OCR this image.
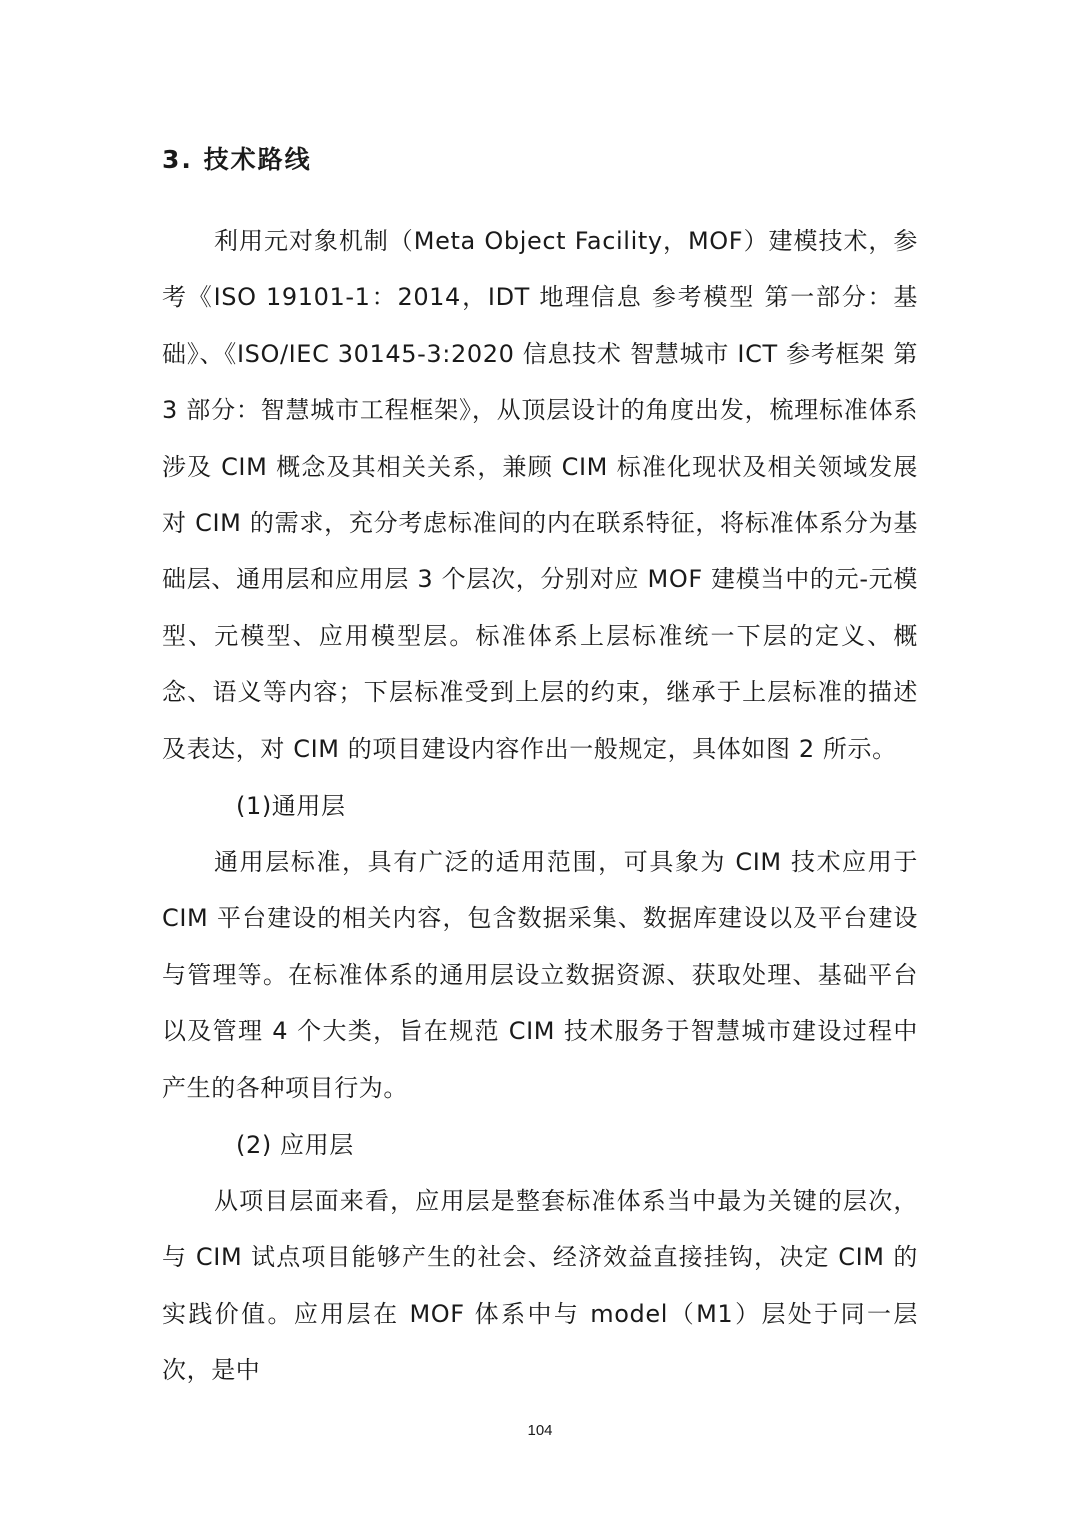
3. 技术路线

利用元对象机制（Meta Object Facility，MOF）建模技术，参考《ISO 19101-1：2014，IDT 地理信息 参考模型 第一部分：基础》、《ISO/IEC 30145-3:2020 信息技术 智慧城市 ICT 参考框架 第 3 部分：智慧城市工程框架》，从顶层设计的角度出发，梳理标准体系涉及 CIM 概念及其相关关系，兼顾 CIM 标准化现状及相关领域发展对 CIM 的需求，充分考虑标准间的内在联系特征，将标准体系分为基础层、通用层和应用层 3 个层次，分别对应 MOF 建模当中的元-元模型、元模型、应用模型层。标准体系上层标准统一下层的定义、概念、语义等内容；下层标准受到上层的约束，继承于上层标准的描述及表达，对 CIM 的项目建设内容作出一般规定，具体如图 2 所示。

(1)通用层

通用层标准，具有广泛的适用范围，可具象为 CIM 技术应用于 CIM 平台建设的相关内容，包含数据采集、数据库建设以及平台建设与管理等。在标准体系的通用层设立数据资源、获取处理、基础平台以及管理 4 个大类，旨在规范 CIM 技术服务于智慧城市建设过程中产生的各种项目行为。

(2) 应用层

从项目层面来看，应用层是整套标准体系当中最为关键的层次，与 CIM 试点项目能够产生的社会、经济效益直接挂钩，决定 CIM 的实践价值。应用层在 MOF 体系中与 model（M1）层处于同一层次，是中

104
